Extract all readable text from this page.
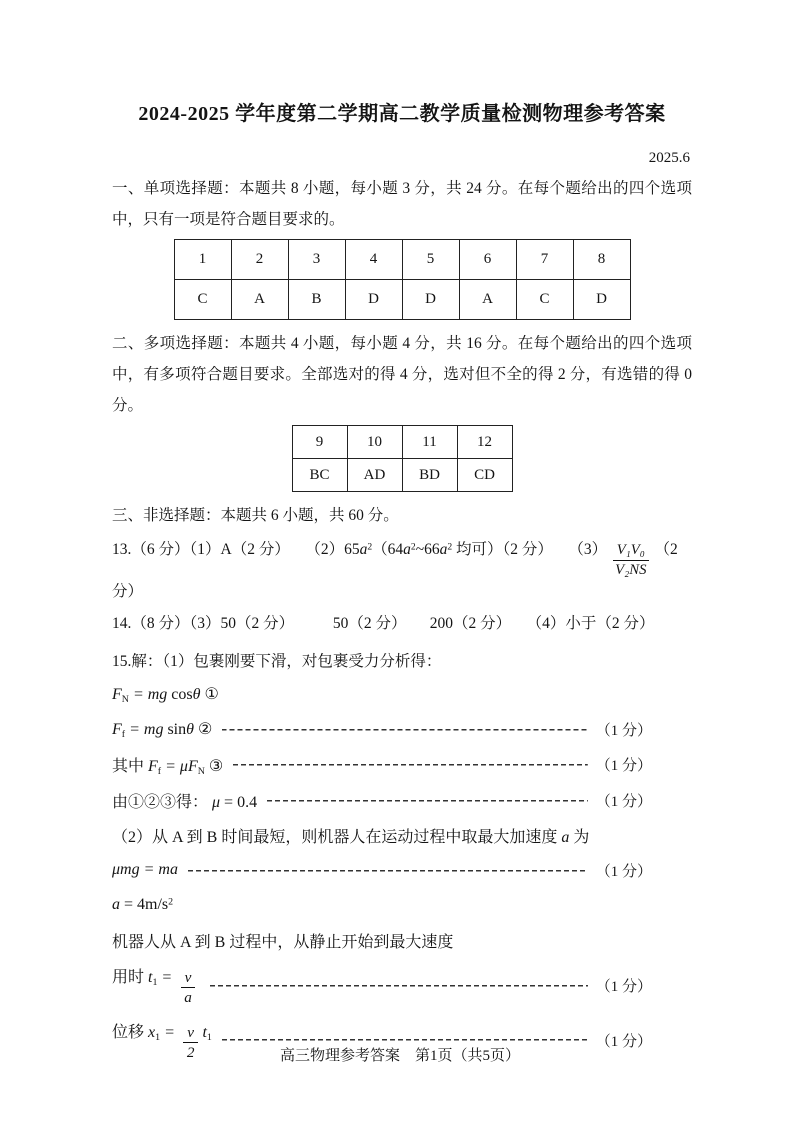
2024-2025 学年度第二学期高二教学质量检测物理参考答案
2025.6

一、单项选择题：本题共 8 小题，每小题 3 分，共 24 分。在每个题给出的四个选项中，只有一项是符合题目要求的。

1	2	3	4	5	6	7	8
C	A	B	D	D	A	C	D

二、多项选择题：本题共 4 小题，每小题 4 分，共 16 分。在每个题给出的四个选项中，有多项符合题目要求。全部选对的得 4 分，选对但不全的得 2 分，有选错的得 0 分。

9	10	11	12
BC	AD	BD	CD

三、非选择题：本题共 6 小题，共 60 分。

13.（6 分）（1）A（2 分）　　$(2)65a^2(64a^2\sim 66a^2$ 均可）（2 分）　　$(3) \frac{\text{V₁V₀}}{\text{V₂NS}} (2$ 分）
14.（8 分）（3）50（2 分）　　　50（2 分）　　200（2 分）　　（4）小于（2 分）
15.解：（1）包裹刚要下滑，对包裹受力分析得：
$F_N$ = mg cosθ ①
$F_f$ = mg sinθ ②	（1 分）
其中 $F_f = \mu F_N$ ③	（1 分）
由①②③得： μ = 0.4	（1 分）
（2）从 A 到 B 时间最短，则机器人在运动过程中取最大加速度 a 为
μmg = ma	（1 分）
$a = 4m/s^2$
机器人从 A 到 B 过程中，从静止开始到最大速度
用时 $t_1 = \frac{v}{a}$	（1 分）
位移 $x_1 = \frac{v}{2} t_1$	（1 分）
高三物理参考答案　第1页（共5页）
